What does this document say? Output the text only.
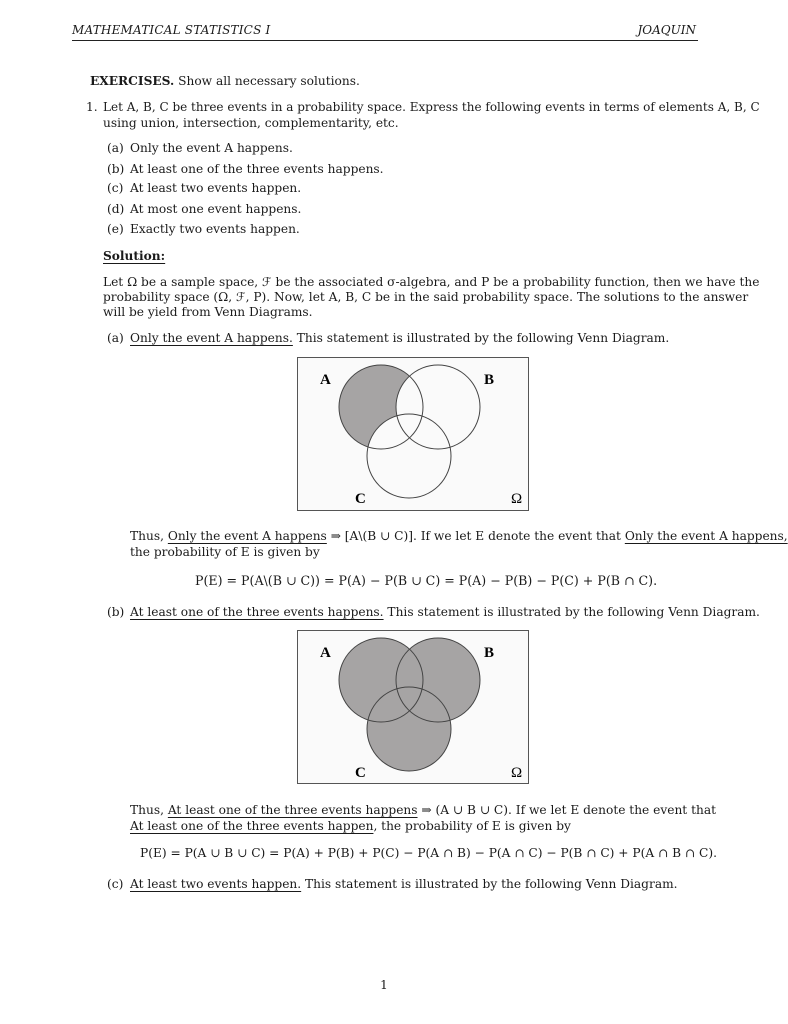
MATHEMATICAL STATISTICS I	JOAQUIN
EXERCISES. Show all necessary solutions.
1. Let A, B, C be three events in a probability space. Express the following events in terms of elements A, B, C
using union, intersection, complementarity, etc.
(a) Only the event A happens.
(b) At least one of the three events happens.
(c) At least two events happen.
(d) At most one event happens.
(e) Exactly two events happen.
Solution:
Let Ω be a sample space, ℱ be the associated σ-algebra, and P be a probability function, then we have the
probability space (Ω, ℱ, P). Now, let A, B, C be in the said probability space. The solutions to the answer
will be yield from Venn Diagrams.
(a) Only the event A happens. This statement is illustrated by the following Venn Diagram.
A	B
C	Ω
Thus, Only the event A happens ⇒ [A\(B ∪ C)]. If we let E denote the event that Only the event A happens,
the probability of E is given by
P(E) = P(A\(B ∪ C)) = P(A) − P(B ∪ C) = P(A) − P(B) − P(C) + P(B ∩ C).
(b) At least one of the three events happens. This statement is illustrated by the following Venn Diagram.
A	B
C	Ω
Thus, At least one of the three events happens ⇒ (A ∪ B ∪ C). If we let E denote the event that
At least one of the three events happen, the probability of E is given by
P(E) = P(A ∪ B ∪ C) = P(A) + P(B) + P(C) − P(A ∩ B) − P(A ∩ C) − P(B ∩ C) + P(A ∩ B ∩ C).
(c) At least two events happen. This statement is illustrated by the following Venn Diagram.
1
